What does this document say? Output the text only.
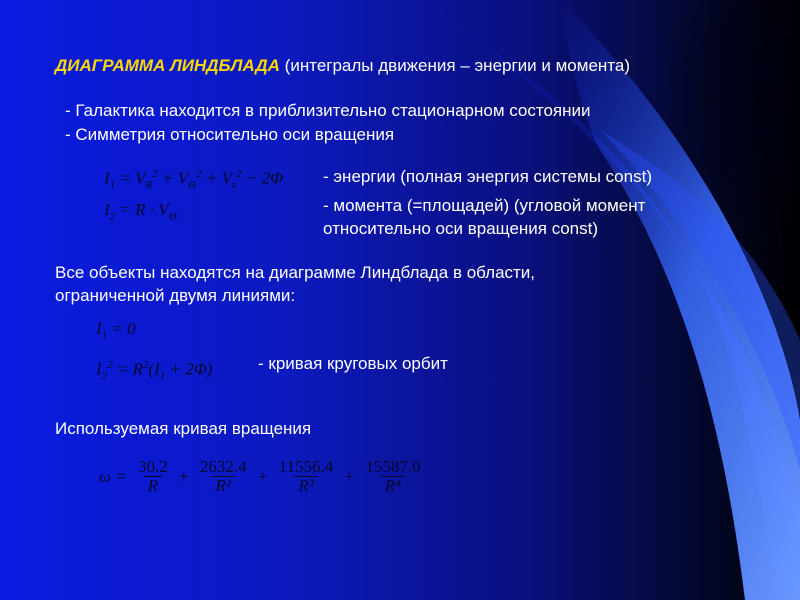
ДИАГРАММА ЛИНДБЛАДА (интегралы движения – энергии и момента)
- Галактика находится в приблизительно стационарном состоянии
- Симметрия относительно оси вращения
$I_1 = V_R^2 + V_\Theta^2 + V_z^2 - 2\Phi$ - энергии (полная энергия системы const)
$I_2 = R \cdot V_\Theta$
- момента (=площадей) (угловой момент
относительно оси вращения const)
Все объекты находятся на диаграмме Линдблада в области,
ограниченной двумя линиями:
$I_1 = 0$
$I_2^2 = R^2(I_1 + 2\Phi)$	- кривая круговых орбит
Используемая кривая вращения
$\omega = \frac{30.2}{R} + \frac{2632.4}{\text{R²}} + \frac{11556.4}{\text{R³}} + \frac{15587.0}{\text{R⁴}}$
